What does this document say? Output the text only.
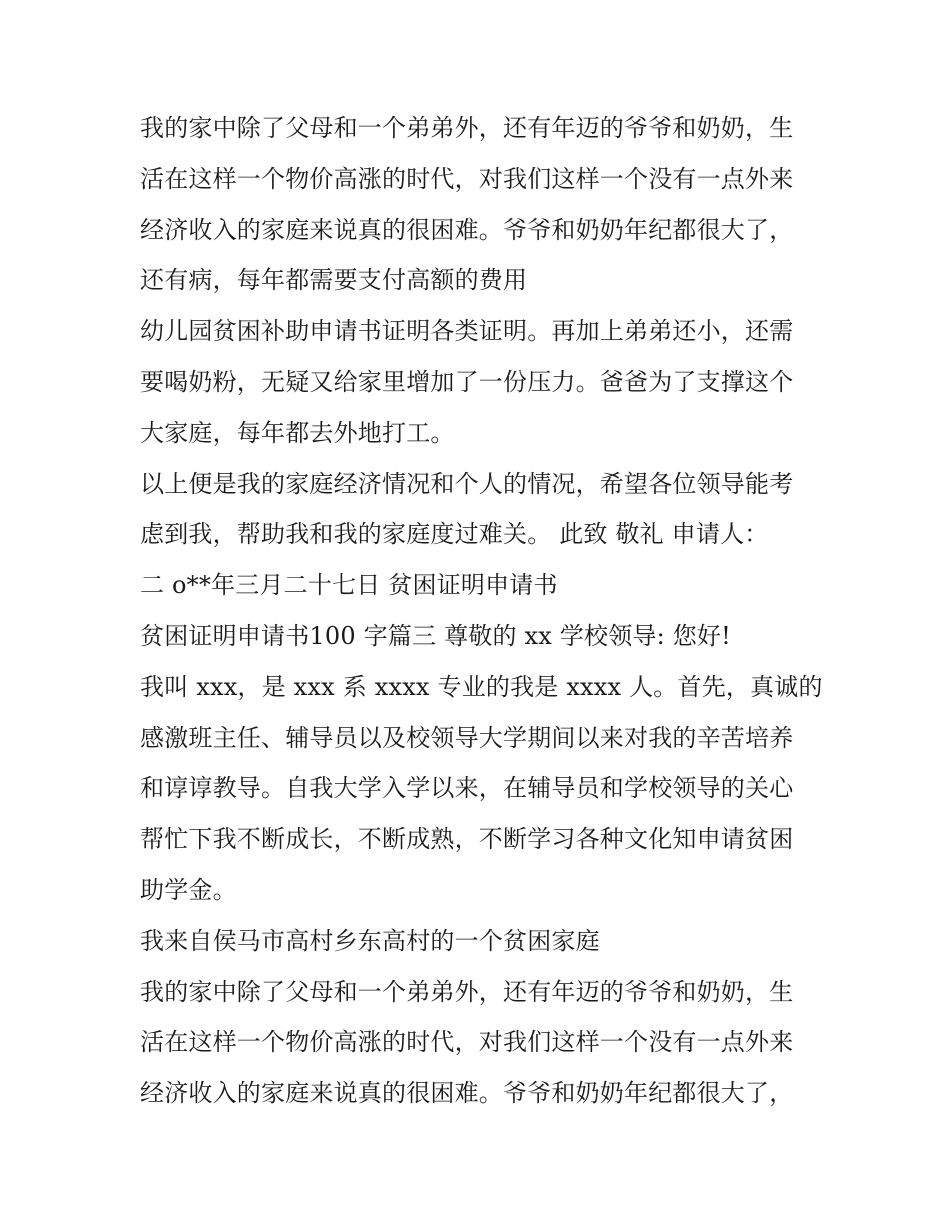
我的家中除了父母和一个弟弟外，还有年迈的爷爷和奶奶，生
活在这样一个物价高涨的时代，对我们这样一个没有一点外来
经济收入的家庭来说真的很困难。爷爷和奶奶年纪都很大了，
还有病，每年都需要支付高额的费用
幼儿园贫困补助申请书证明各类证明。再加上弟弟还小，还需
要喝奶粉，无疑又给家里增加了一份压力。爸爸为了支撑这个
大家庭，每年都去外地打工。
以上便是我的家庭经济情况和个人的情况，希望各位领导能考
虑到我，帮助我和我的家庭度过难关。 此致 敬礼 申请人：
二 o**年三月二十七日 贫困证明申请书
贫困证明申请书100 字篇三 尊敬的 xx 学校领导: 您好!
我叫 xxx，是 xxx 系 xxxx 专业的我是 xxxx 人。首先，真诚的
感激班主任、辅导员以及校领导大学期间以来对我的辛苦培养
和谆谆教导。自我大学入学以来，在辅导员和学校领导的关心
帮忙下我不断成长，不断成熟，不断学习各种文化知申请贫困
助学金。
我来自侯马市高村乡东高村的一个贫困家庭
我的家中除了父母和一个弟弟外，还有年迈的爷爷和奶奶，生
活在这样一个物价高涨的时代，对我们这样一个没有一点外来
经济收入的家庭来说真的很困难。爷爷和奶奶年纪都很大了，
